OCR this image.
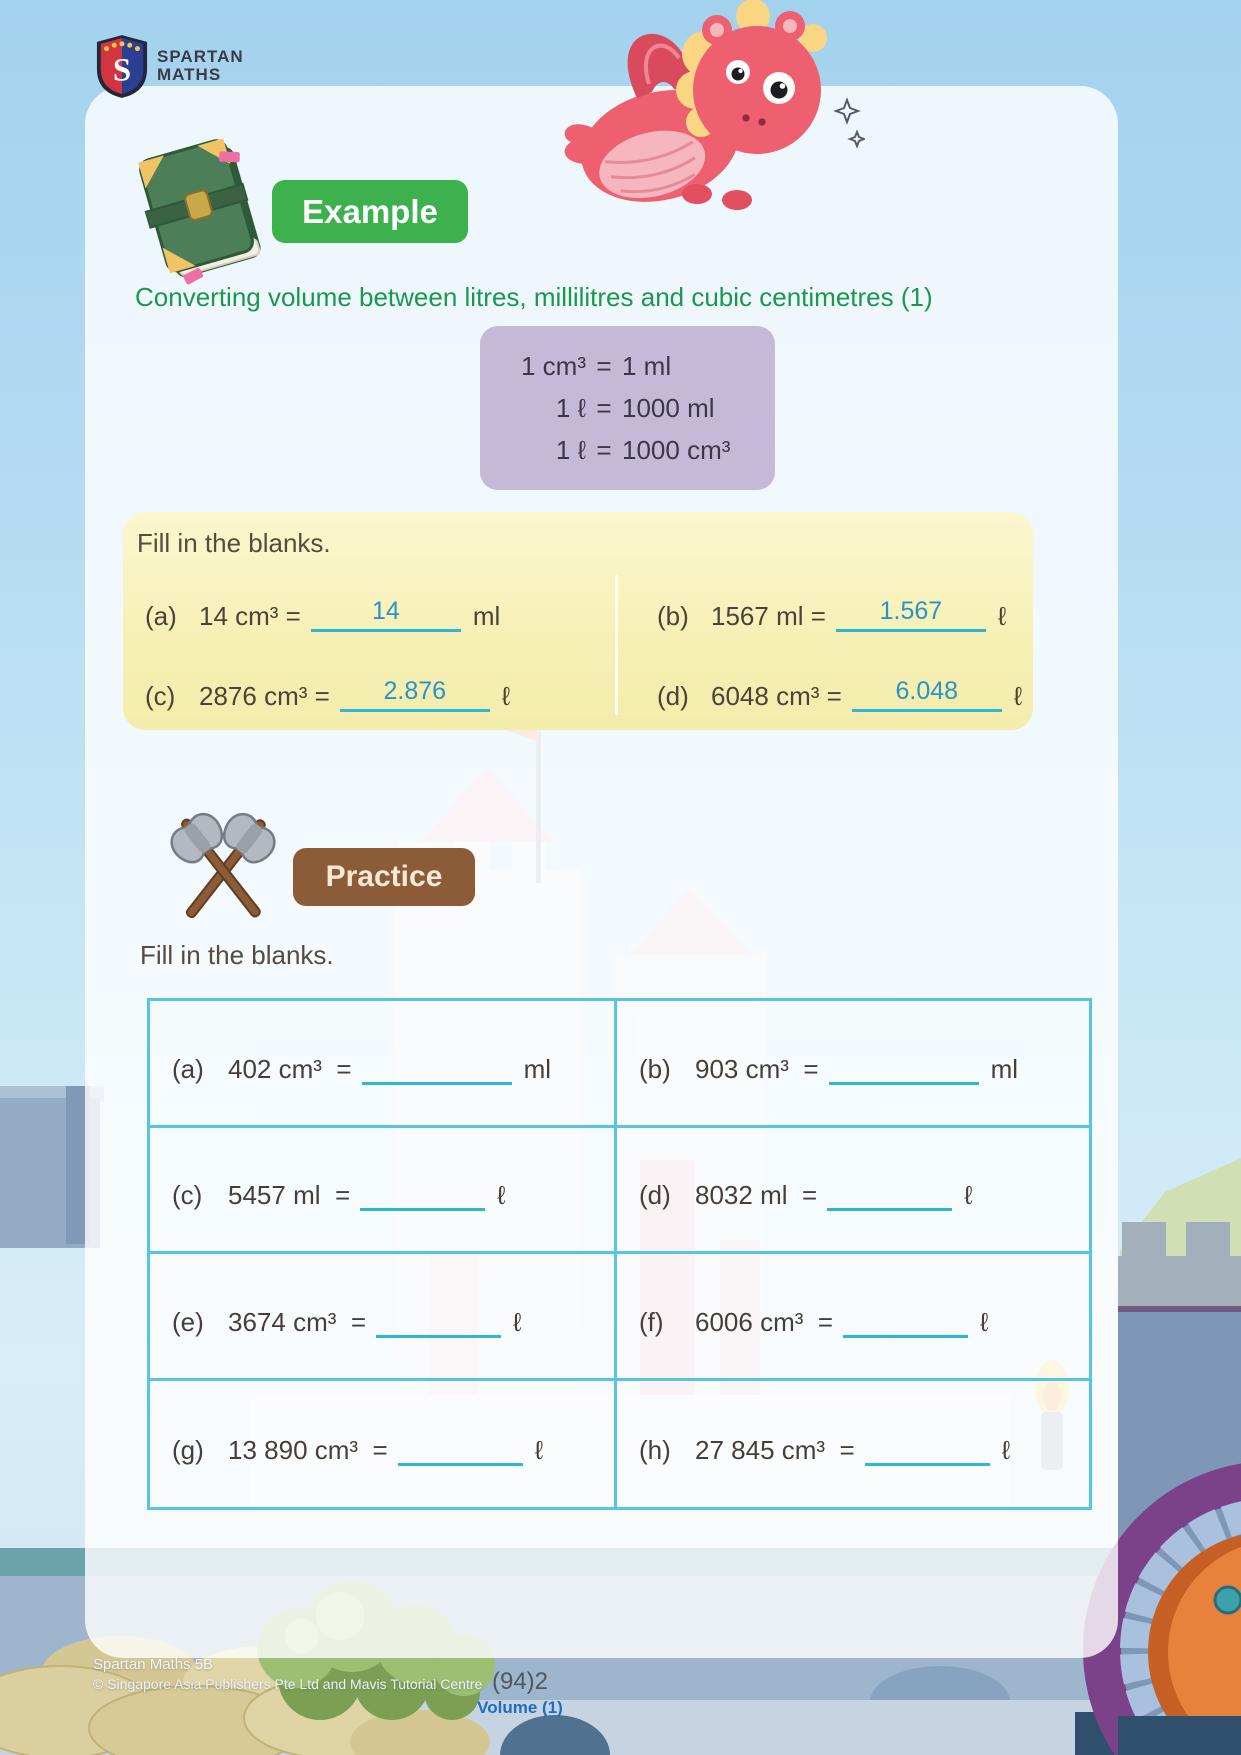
S SPARTAN
MATHS
Example
Converting volume between litres, millilitres and cubic centimetres (1)
1 cm³ = 1 ml
1 ℓ = 1000 ml
1 ℓ = 1000 cm³
Fill in the blanks.
(a) 14 cm³ =	14	ml	(b) 1567 ml =	1.567	ℓ
(c) 2876 cm³ =	2.876	ℓ	(d) 6048 cm³ =	6.048	ℓ
Practice
Fill in the blanks.
(a) 402 cm³  =	ml	(b) 903 cm³  =	ml
(c) 5457 ml  =	ℓ	(d) 8032 ml  =	ℓ
(e) 3674 cm³  =	ℓ	(f)	6006 cm³  =	ℓ
(g) 13 890 cm³  =	ℓ	(h) 27 845 cm³  =	ℓ
Spartan Maths 5B
© Singapore Asia Publishers Pte Ltd and Mavis Tutorial Centre (94)2
Volume (1)
